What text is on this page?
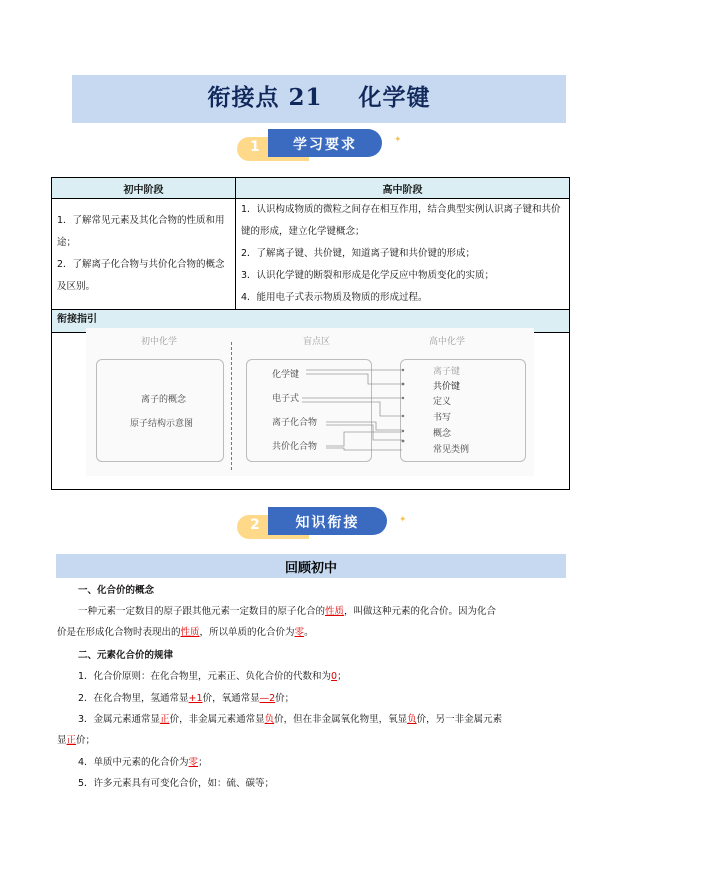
衔接点 21    化学键
1	学习要求	✦
初中阶段	高中阶段

1．了解常见元素及其化合物的性质和用途；
2．了解离子化合物与共价化合物的概念及区别。

1．认识构成物质的微粒之间存在相互作用，结合典型实例认识离子键和共价键的形成，建立化学键概念；
2．了解离子键、共价键，知道离子键和共价键的形成；
3．认识化学键的断裂和形成是化学反应中物质变化的实质；
4．能用电子式表示物质及物质的形成过程。

衔接指引	

初中化学	盲点区	高中化学
离子的概念
原子结构示意图
化学键
电子式
离子化合物
共价化合物
离子键
共价键
定义
书写
概念
常见类例
2	知识衔接	✦
回顾初中
一、化合价的概念
一种元素一定数目的原子跟其他元素一定数目的原子化合的性质，叫做这种元素的化合价。因为化合
价是在形成化合物时表现出的性质，所以单质的化合价为零。
二、元素化合价的规律
1．化合价原则：在化合物里，元素正、负化合价的代数和为0；
2．在化合物里，氢通常显+1价，氧通常显—2价；
3．金属元素通常显正价，非金属元素通常显负价，但在非金属氧化物里，氧显负价，另一非金属元素
显正价；
4．单质中元素的化合价为零；
5．许多元素具有可变化合价，如：硫、碳等；
